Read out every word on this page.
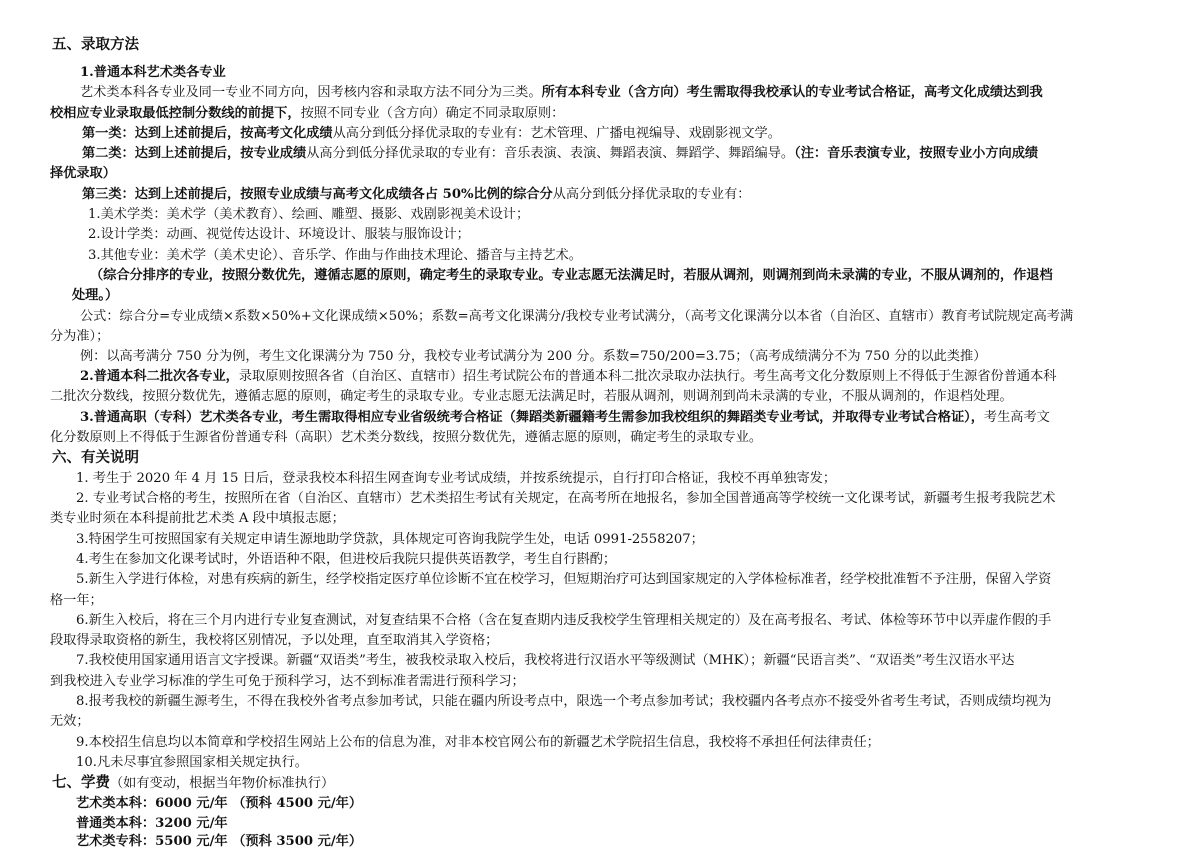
五、录取方法
1.普通本科艺术类各专业
艺术类本科各专业及同一专业不同方向，因考核内容和录取方法不同分为三类。所有本科专业（含方向）考生需取得我校承认的专业考试合格证，高考文化成绩达到我
校相应专业录取最低控制分数线的前提下，按照不同专业（含方向）确定不同录取原则：
第一类：达到上述前提后，按高考文化成绩从高分到低分择优录取的专业有：艺术管理、广播电视编导、戏剧影视文学。
第二类：达到上述前提后，按专业成绩从高分到低分择优录取的专业有：音乐表演、表演、舞蹈表演、舞蹈学、舞蹈编导。（注：音乐表演专业，按照专业小方向成绩
择优录取）
第三类：达到上述前提后，按照专业成绩与高考文化成绩各占 50%比例的综合分从高分到低分择优录取的专业有：
1.美术学类：美术学（美术教育）、绘画、雕塑、摄影、戏剧影视美术设计；
2.设计学类：动画、视觉传达设计、环境设计、服装与服饰设计；
3.其他专业：美术学（美术史论）、音乐学、作曲与作曲技术理论、播音与主持艺术。
（综合分排序的专业，按照分数优先，遵循志愿的原则，确定考生的录取专业。专业志愿无法满足时，若服从调剂，则调剂到尚未录满的专业，不服从调剂的，作退档
处理。）
公式：综合分=专业成绩×系数×50%+文化课成绩×50%；系数=高考文化课满分/我校专业考试满分，（高考文化课满分以本省（自治区、直辖市）教育考试院规定高考满
分为准）；
例：以高考满分 750 分为例，考生文化课满分为 750 分，我校专业考试满分为 200 分。系数=750/200=3.75；（高考成绩满分不为 750 分的以此类推）
2.普通本科二批次各专业，录取原则按照各省（自治区、直辖市）招生考试院公布的普通本科二批次录取办法执行。考生高考文化分数原则上不得低于生源省份普通本科
二批次分数线，按照分数优先，遵循志愿的原则，确定考生的录取专业。专业志愿无法满足时，若服从调剂，则调剂到尚未录满的专业，不服从调剂的，作退档处理。
3.普通高职（专科）艺术类各专业，考生需取得相应专业省级统考合格证（舞蹈类新疆籍考生需参加我校组织的舞蹈类专业考试，并取得专业考试合格证），考生高考文
化分数原则上不得低于生源省份普通专科（高职）艺术类分数线，按照分数优先，遵循志愿的原则，确定考生的录取专业。
六、有关说明
1. 考生于 2020 年 4 月 15 日后，登录我校本科招生网查询专业考试成绩，并按系统提示，自行打印合格证，我校不再单独寄发；
2. 专业考试合格的考生，按照所在省（自治区、直辖市）艺术类招生考试有关规定，在高考所在地报名，参加全国普通高等学校统一文化课考试，新疆考生报考我院艺术
类专业时须在本科提前批艺术类 A 段中填报志愿；
3.特困学生可按照国家有关规定申请生源地助学贷款，具体规定可咨询我院学生处，电话 0991-2558207；
4.考生在参加文化课考试时，外语语种不限，但进校后我院只提供英语教学，考生自行斟酌；
5.新生入学进行体检，对患有疾病的新生，经学校指定医疗单位诊断不宜在校学习，但短期治疗可达到国家规定的入学体检标准者，经学校批准暂不予注册，保留入学资
格一年；
6.新生入校后，将在三个月内进行专业复查测试，对复查结果不合格（含在复查期内违反我校学生管理相关规定的）及在高考报名、考试、体检等环节中以弄虚作假的手
段取得录取资格的新生，我校将区别情况，予以处理，直至取消其入学资格；
7.我校使用国家通用语言文字授课。新疆“双语类”考生，被我校录取入校后，我校将进行汉语水平等级测试（MHK）；新疆“民语言类”、“双语类”考生汉语水平达
到我校进入专业学习标准的学生可免于预科学习，达不到标准者需进行预科学习；
8.报考我校的新疆生源考生，不得在我校外省考点参加考试，只能在疆内所设考点中，限选一个考点参加考试；我校疆内各考点亦不接受外省考生考试，否则成绩均视为
无效；
9.本校招生信息均以本简章和学校招生网站上公布的信息为准，对非本校官网公布的新疆艺术学院招生信息，我校将不承担任何法律责任；
10.凡未尽事宜参照国家相关规定执行。
七、学费（如有变动，根据当年物价标准执行）
艺术类本科：6000 元/年 （预科 4500 元/年）
普通类本科：3200 元/年
艺术类专科：5500 元/年 （预科 3500 元/年）
